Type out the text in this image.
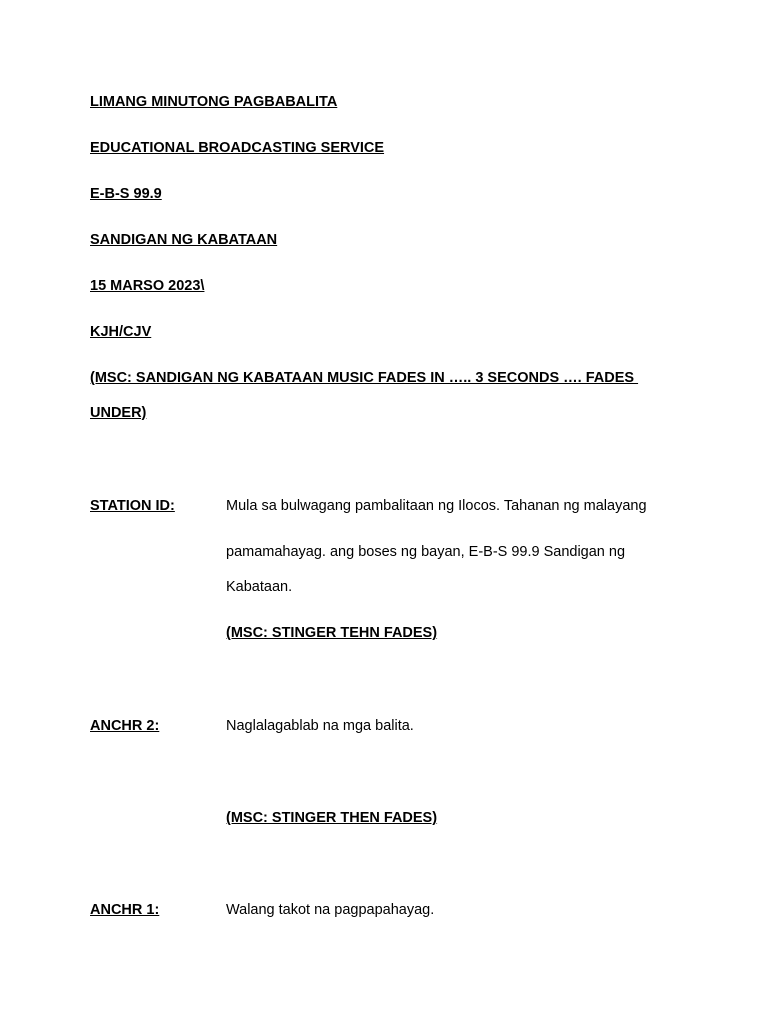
LIMANG MINUTONG PAGBABALITA
EDUCATIONAL BROADCASTING SERVICE
E-B-S 99.9
SANDIGAN NG KABATAAN
15 MARSO 2023\
KJH/CJV
(MSC: SANDIGAN NG KABATAAN MUSIC FADES IN ….. 3 SECONDS …. FADES
UNDER)
STATION ID:	Mula sa bulwagang pambalitaan ng Ilocos. Tahanan ng malayang
pamamahayag. ang boses ng bayan, E-B-S 99.9 Sandigan ng
Kabataan.
(MSC: STINGER TEHN FADES)
ANCHR 2:	Naglalagablab na mga balita.
(MSC: STINGER THEN FADES)
ANCHR 1:	Walang takot na pagpapahayag.
